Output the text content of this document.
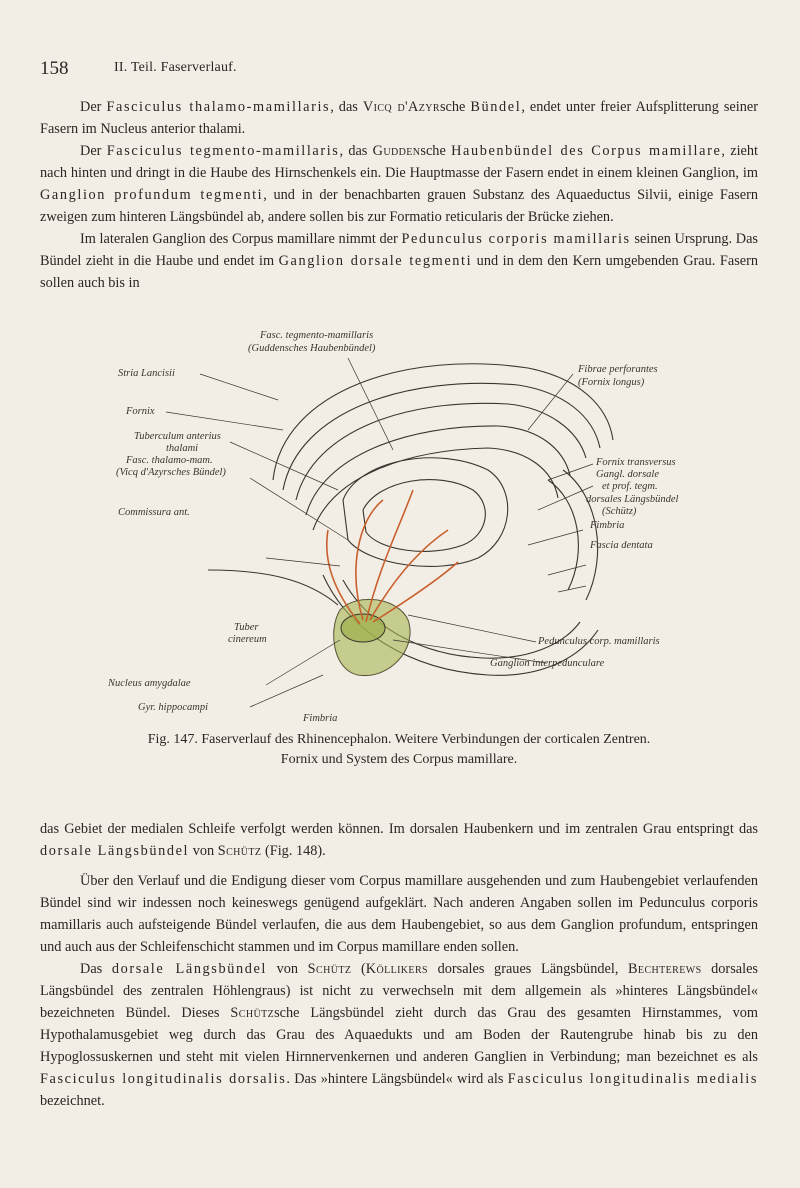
158	II. Teil. Faserverlauf.

Der Fasciculus thalamo-mamillaris, das Vicq d'Azyrsche Bündel, endet unter freier Aufsplitterung seiner Fasern im Nucleus anterior thalami.

Der Fasciculus tegmento-mamillaris, das Guddensche Haubenbündel des Corpus mamillare, zieht nach hinten und dringt in die Haube des Hirnschenkels ein. Die Hauptmasse der Fasern endet in einem kleinen Ganglion, im Ganglion profundum tegmenti, und in der benachbarten grauen Substanz des Aquaeductus Silvii, einige Fasern zweigen zum hinteren Längsbündel ab, andere sollen bis zur Formatio reticularis der Brücke ziehen.

Im lateralen Ganglion des Corpus mamillare nimmt der Pedunculus corporis mamillaris seinen Ursprung. Das Bündel zieht in die Haube und endet im Ganglion dorsale tegmenti und in dem den Kern umgebenden Grau. Fasern sollen auch bis in

Fasc. tegmento-mamillaris
(Guddensches Haubenbündel)
Stria Lancisii	Fibrae perforantes
(Fornix longus)
Fornix
Tuberculum anterius
thalami
Fasc. thalamo-mam.
(Vicq d'Azyrsches Bündel)
Fornix transversus
Gangl. dorsale
et prof. tegm.
dorsales Längsbündel
(Schütz)
Commissura ant.
Fimbria
Fascia dentata
Tuber
cinereum	Pedunculus corp. mamillaris
Ganglion interpedunculare
Nucleus amygdalae
Gyr. hippocampi
Fimbria
Fig. 147. Faserverlauf des Rhinencephalon. Weitere Verbindungen der corticalen Zentren.
Fornix und System des Corpus mamillare.

das Gebiet der medialen Schleife verfolgt werden können. Im dorsalen Haubenkern und im zentralen Grau entspringt das dorsale Längsbündel von Schütz (Fig. 148).

Über den Verlauf und die Endigung dieser vom Corpus mamillare ausgehenden und zum Haubengebiet verlaufenden Bündel sind wir indessen noch keineswegs genügend aufgeklärt. Nach anderen Angaben sollen im Pedunculus corporis mamillaris auch aufsteigende Bündel verlaufen, die aus dem Haubengebiet, so aus dem Ganglion profundum, entspringen und auch aus der Schleifenschicht stammen und im Corpus mamillare enden sollen.

Das dorsale Längsbündel von Schütz (Köllikers dorsales graues Längsbündel, Bechterews dorsales Längsbündel des zentralen Höhlengraus) ist nicht zu verwechseln mit dem allgemein als »hinteres Längsbündel« bezeichneten Bündel. Dieses Schützsche Längsbündel zieht durch das Grau des gesamten Hirnstammes, vom Hypothalamusgebiet weg durch das Grau des Aquaedukts und am Boden der Rautengrube hinab bis zu den Hypoglossuskernen und steht mit vielen Hirnnervenkernen und anderen Ganglien in Verbindung; man bezeichnet es als Fasciculus longitudinalis dorsalis. Das »hintere Längsbündel« wird als Fasciculus longitudinalis medialis bezeichnet.
